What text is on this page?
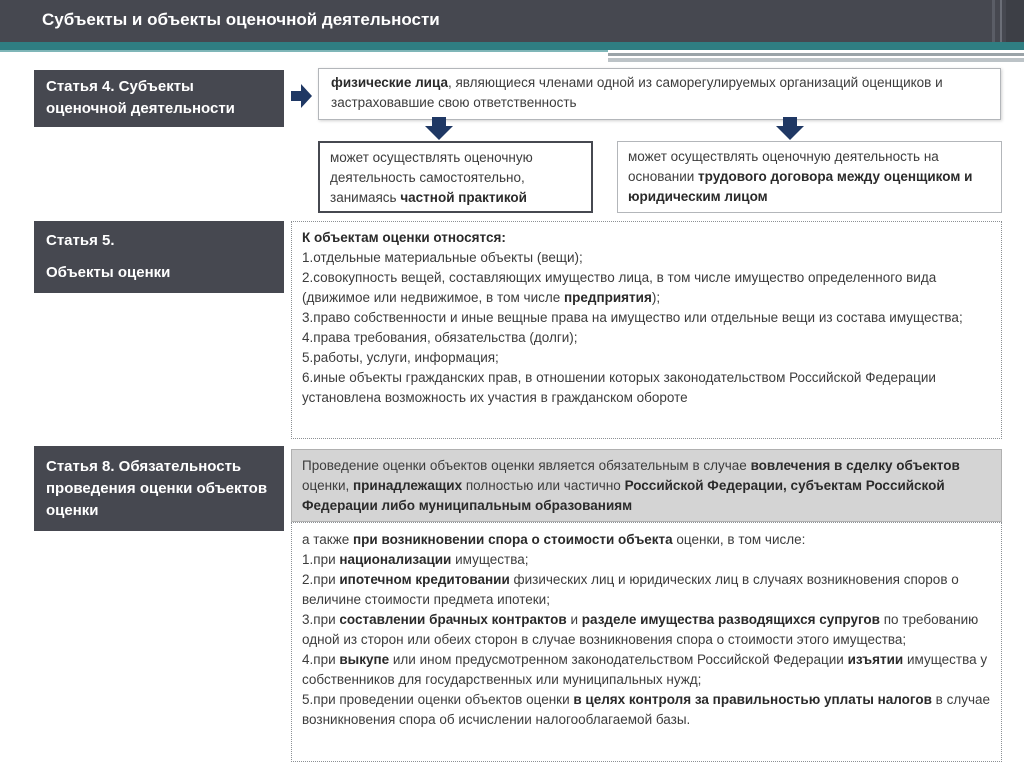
Субъекты и объекты оценочной деятельности
Статья 4. Субъекты оценочной деятельности
физические лица, являющиеся членами одной из саморегулируемых организаций оценщиков и застраховавшие свою ответственность
может осуществлять оценочную деятельность самостоятельно, занимаясь частной практикой
может осуществлять оценочную деятельность на основании трудового договора между оценщиком и юридическим лицом
Статья 5.
Объекты оценки
К объектам оценки относятся:
1.отдельные материальные объекты (вещи);
2.совокупность вещей, составляющих имущество лица, в том числе имущество определенного вида (движимое или недвижимое, в том числе предприятия);
3.право собственности и иные вещные права на имущество или отдельные вещи из состава имущества;
4.права требования, обязательства (долги);
5.работы, услуги, информация;
6.иные объекты гражданских прав, в отношении которых законодательством Российской Федерации установлена возможность их участия в гражданском обороте
Статья 8. Обязательность проведения оценки объектов оценки
Проведение оценки объектов оценки является обязательным в случае вовлечения в сделку объектов оценки, принадлежащих полностью или частично Российской Федерации, субъектам Российской Федерации либо муниципальным образованиям
а также при возникновении спора о стоимости объекта оценки, в том числе:
1.при национализации имущества;
2.при ипотечном кредитовании физических лиц и юридических лиц в случаях возникновения споров о величине стоимости предмета ипотеки;
3.при составлении брачных контрактов и разделе имущества разводящихся супругов по требованию одной из сторон или обеих сторон в случае возникновения спора о стоимости этого имущества;
4.при выкупе или ином предусмотренном законодательством Российской Федерации изъятии имущества у собственников для государственных или муниципальных нужд;
5.при проведении оценки объектов оценки в целях контроля за правильностью уплаты налогов в случае возникновения спора об исчислении налогооблагаемой базы.
